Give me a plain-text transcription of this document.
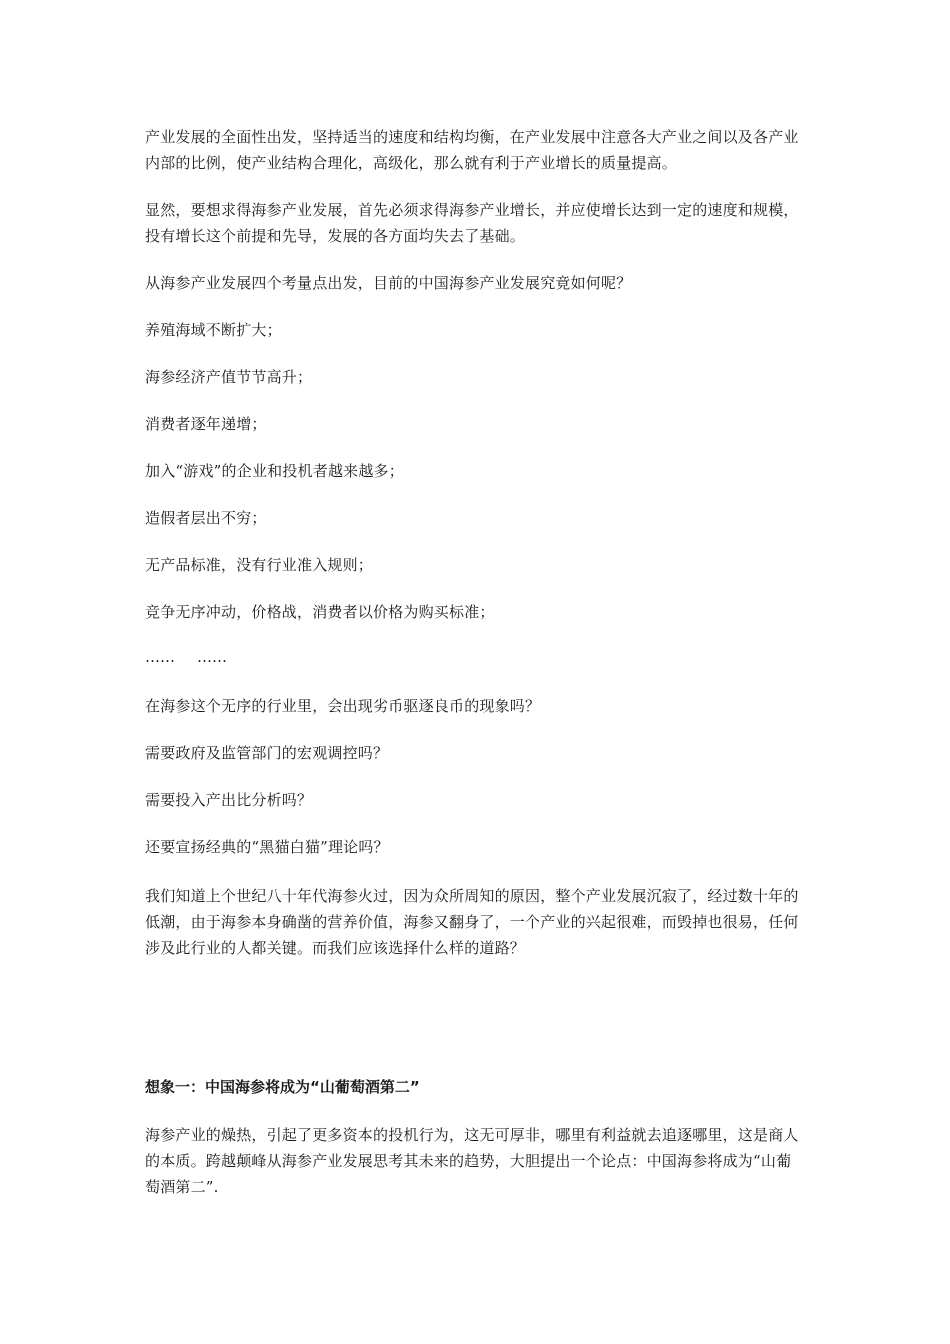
产业发展的全面性出发，坚持适当的速度和结构均衡，在产业发展中注意各大产业之间以及各产业内部的比例，使产业结构合理化，高级化，那么就有利于产业增长的质量提高。

显然，要想求得海参产业发展，首先必须求得海参产业增长，并应使增长达到一定的速度和规模，投有增长这个前提和先导，发展的各方面均失去了基础。

从海参产业发展四个考量点出发，目前的中国海参产业发展究竟如何呢？

养殖海域不断扩大；

海参经济产值节节高升；

消费者逐年递增；

加入“游戏”的企业和投机者越来越多；

造假者层出不穷；

无产品标准，没有行业准入规则；

竞争无序冲动，价格战，消费者以价格为购买标准；

…… ……

在海参这个无序的行业里，会出现劣币驱逐良币的现象吗？

需要政府及监管部门的宏观调控吗？

需要投入产出比分析吗？

还要宣扬经典的“黑猫白猫”理论吗？

我们知道上个世纪八十年代海参火过，因为众所周知的原因，整个产业发展沉寂了，经过数十年的低潮，由于海参本身确凿的营养价值，海参又翻身了，一个产业的兴起很难，而毁掉也很易，任何涉及此行业的人都关键。而我们应该选择什么样的道路？

想象一：中国海参将成为“山葡萄酒第二”

海参产业的燥热，引起了更多资本的投机行为，这无可厚非，哪里有利益就去追逐哪里，这是商人的本质。跨越颠峰从海参产业发展思考其未来的趋势，大胆提出一个论点：中国海参将成为“山葡萄酒第二”.
